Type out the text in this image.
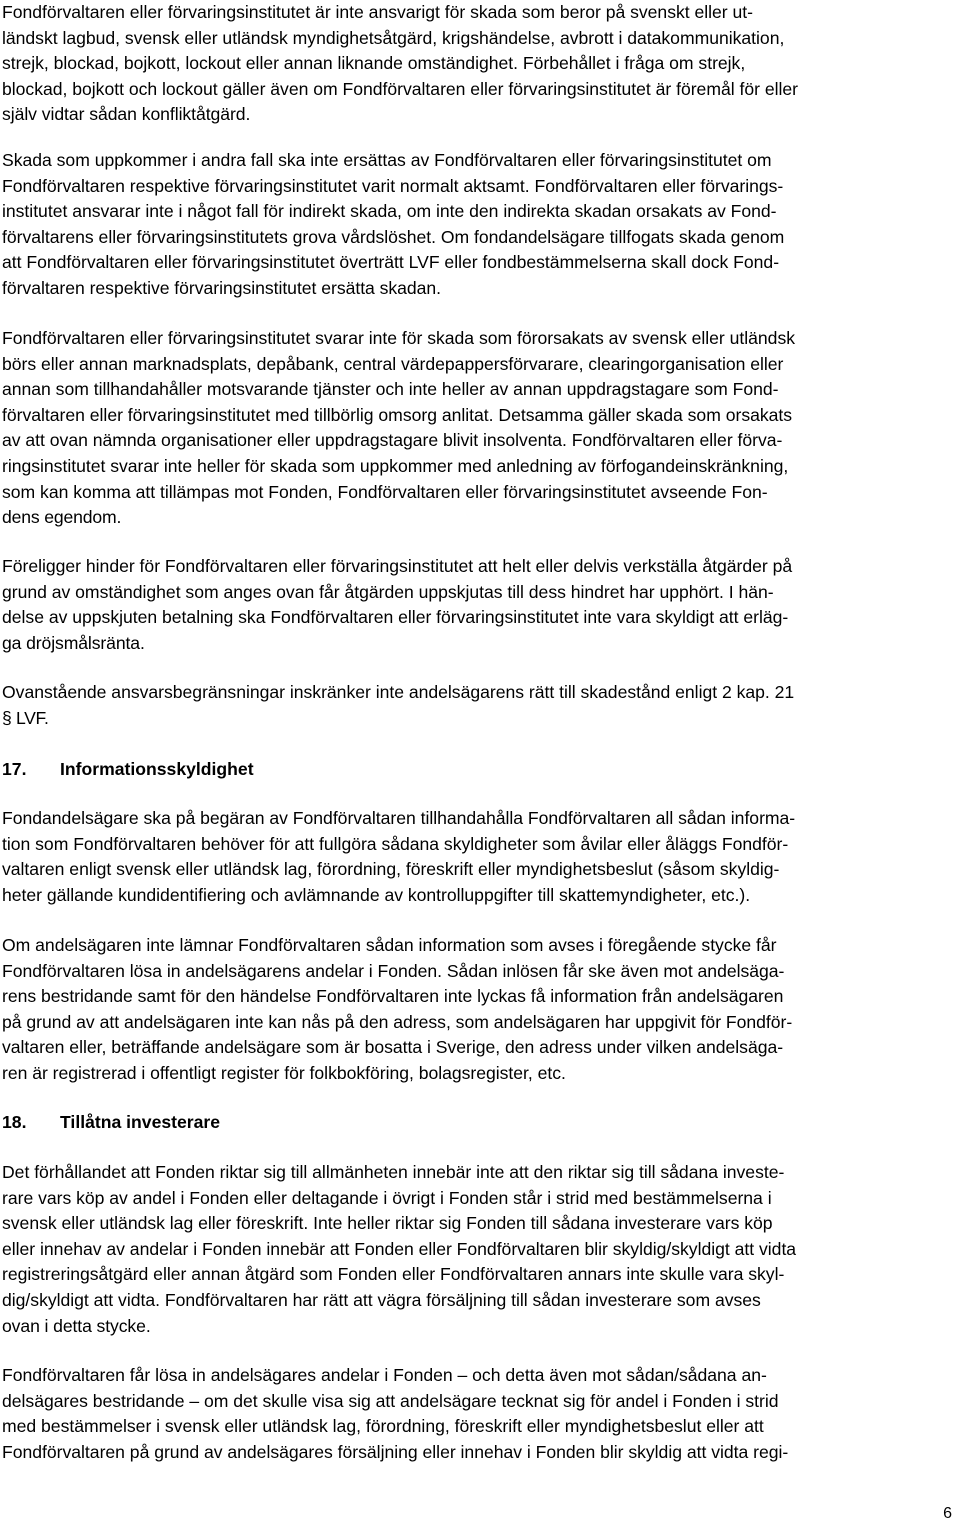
Fondförvaltaren eller förvaringsinstitutet är inte ansvarigt för skada som beror på svenskt eller ut-
ländskt lagbud, svensk eller utländsk myndighetsåtgärd, krigshändelse, avbrott i datakommunikation,
strejk, blockad, bojkott, lockout eller annan liknande omständighet. Förbehållet i fråga om strejk,
blockad, bojkott och lockout gäller även om Fondförvaltaren eller förvaringsinstitutet är föremål för eller
själv vidtar sådan konfliktåtgärd.
Skada som uppkommer i andra fall ska inte ersättas av Fondförvaltaren eller förvaringsinstitutet om
Fondförvaltaren respektive förvaringsinstitutet varit normalt aktsamt. Fondförvaltaren eller förvarings-
institutet ansvarar inte i något fall för indirekt skada, om inte den indirekta skadan orsakats av Fond-
förvaltarens eller förvaringsinstitutets grova vårdslöshet. Om fondandelsägare tillfogats skada genom
att Fondförvaltaren eller förvaringsinstitutet överträtt LVF eller fondbestämmelserna skall dock Fond-
förvaltaren respektive förvaringsinstitutet ersätta skadan.
Fondförvaltaren eller förvaringsinstitutet svarar inte för skada som förorsakats av svensk eller utländsk
börs eller annan marknadsplats, depåbank, central värdepappersförvarare, clearingorganisation eller
annan som tillhandahåller motsvarande tjänster och inte heller av annan uppdragstagare som Fond-
förvaltaren eller förvaringsinstitutet med tillbörlig omsorg anlitat. Detsamma gäller skada som orsakats
av att ovan nämnda organisationer eller uppdragstagare blivit insolventa. Fondförvaltaren eller förva-
ringsinstitutet svarar inte heller för skada som uppkommer med anledning av förfogandeinskränkning,
som kan komma att tillämpas mot Fonden, Fondförvaltaren eller förvaringsinstitutet avseende Fon-
dens egendom.
Föreligger hinder för Fondförvaltaren eller förvaringsinstitutet att helt eller delvis verkställa åtgärder på
grund av omständighet som anges ovan får åtgärden uppskjutas till dess hindret har upphört. I hän-
delse av uppskjuten betalning ska Fondförvaltaren eller förvaringsinstitutet inte vara skyldigt att erläg-
ga dröjsmålsränta.
Ovanstående ansvarsbegränsningar inskränker inte andelsägarens rätt till skadestånd enligt 2 kap. 21
§ LVF.
17. Informationsskyldighet
Fondandelsägare ska på begäran av Fondförvaltaren tillhandahålla Fondförvaltaren all sådan informa-
tion som Fondförvaltaren behöver för att fullgöra sådana skyldigheter som åvilar eller åläggs Fondför-
valtaren enligt svensk eller utländsk lag, förordning, föreskrift eller myndighetsbeslut (såsom skyldig-
heter gällande kundidentifiering och avlämnande av kontrolluppgifter till skattemyndigheter, etc.).
Om andelsägaren inte lämnar Fondförvaltaren sådan information som avses i föregående stycke får
Fondförvaltaren lösa in andelsägarens andelar i Fonden. Sådan inlösen får ske även mot andelsäga-
rens bestridande samt för den händelse Fondförvaltaren inte lyckas få information från andelsägaren
på grund av att andelsägaren inte kan nås på den adress, som andelsägaren har uppgivit för Fondför-
valtaren eller, beträffande andelsägare som är bosatta i Sverige, den adress under vilken andelsäga-
ren är registrerad i offentligt register för folkbokföring, bolagsregister, etc.
18. Tillåtna investerare
Det förhållandet att Fonden riktar sig till allmänheten innebär inte att den riktar sig till sådana investe-
rare vars köp av andel i Fonden eller deltagande i övrigt i Fonden står i strid med bestämmelserna i
svensk eller utländsk lag eller föreskrift. Inte heller riktar sig Fonden till sådana investerare vars köp
eller innehav av andelar i Fonden innebär att Fonden eller Fondförvaltaren blir skyldig/skyldigt att vidta
registreringsåtgärd eller annan åtgärd som Fonden eller Fondförvaltaren annars inte skulle vara skyl-
dig/skyldigt att vidta. Fondförvaltaren har rätt att vägra försäljning till sådan investerare som avses
ovan i detta stycke.
Fondförvaltaren får lösa in andelsägares andelar i Fonden – och detta även mot sådan/sådana an-
delsägares bestridande – om det skulle visa sig att andelsägare tecknat sig för andel i Fonden i strid
med bestämmelser i svensk eller utländsk lag, förordning, föreskrift eller myndighetsbeslut eller att
Fondförvaltaren på grund av andelsägares försäljning eller innehav i Fonden blir skyldig att vidta regi-
6
